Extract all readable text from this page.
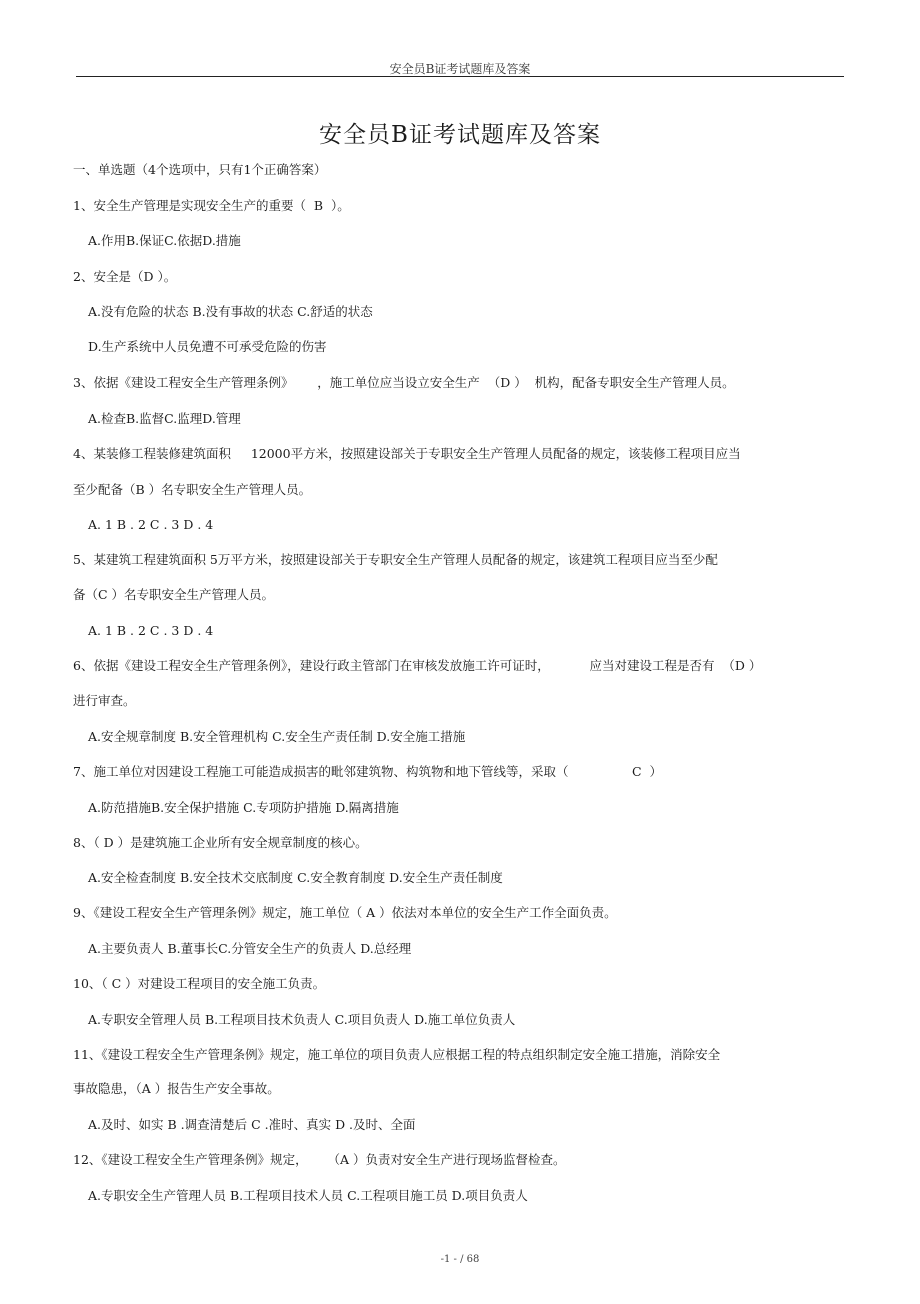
安全员B证考试题库及答案
安全员B证考试题库及答案
一、单选题（4个选项中，只有1个正确答案）
1、安全生产管理是实现安全生产的重要（  B  ）。
A.作用B.保证C.依据D.措施
2、安全是（D ）。
A.没有危险的状态 B.没有事故的状态 C.舒适的状态
D.生产系统中人员免遭不可承受危险的伤害
3、依据《建设工程安全生产管理条例》      ，施工单位应当设立安全生产  （D ）  机构，配备专职安全生产管理人员。
A.检查B.监督C.监理D.管理
4、某装修工程装修建筑面积     12000平方米，按照建设部关于专职安全生产管理人员配备的规定，该装修工程项目应当
至少配备（B ）名专职安全生产管理人员。
A. 1 B . 2 C . 3 D . 4
5、某建筑工程建筑面积 5万平方米，按照建设部关于专职安全生产管理人员配备的规定，该建筑工程项目应当至少配
备（C ）名专职安全生产管理人员。
A. 1 B . 2 C . 3 D . 4
6、依据《建设工程安全生产管理条例》，建设行政主管部门在审核发放施工许可证时，          应当对建设工程是否有  （D ）
进行审查。
A.安全规章制度 B.安全管理机构 C.安全生产责任制 D.安全施工措施
7、施工单位对因建设工程施工可能造成损害的毗邻建筑物、构筑物和地下管线等，采取（                C  ）
A.防范措施B.安全保护措施 C.专项防护措施 D.隔离措施
8、（ D ）是建筑施工企业所有安全规章制度的核心。
A.安全检查制度 B.安全技术交底制度 C.安全教育制度 D.安全生产责任制度
9、《建设工程安全生产管理条例》规定，施工单位（ A ）依法对本单位的安全生产工作全面负责。
A.主要负责人 B.董事长C.分管安全生产的负责人 D.总经理
10、（ C ）对建设工程项目的安全施工负责。
A.专职安全管理人员 B.工程项目技术负责人 C.项目负责人 D.施工单位负责人
11、《建设工程安全生产管理条例》规定，施工单位的项目负责人应根据工程的特点组织制定安全施工措施，消除安全
事故隐患，（A ）报告生产安全事故。
A.及时、如实 B .调查清楚后 C .准时、真实 D .及时、全面
12、《建设工程安全生产管理条例》规定，     （A ）负责对安全生产进行现场监督检查。
A.专职安全生产管理人员 B.工程项目技术人员 C.工程项目施工员 D.项目负责人
-1 - / 68
